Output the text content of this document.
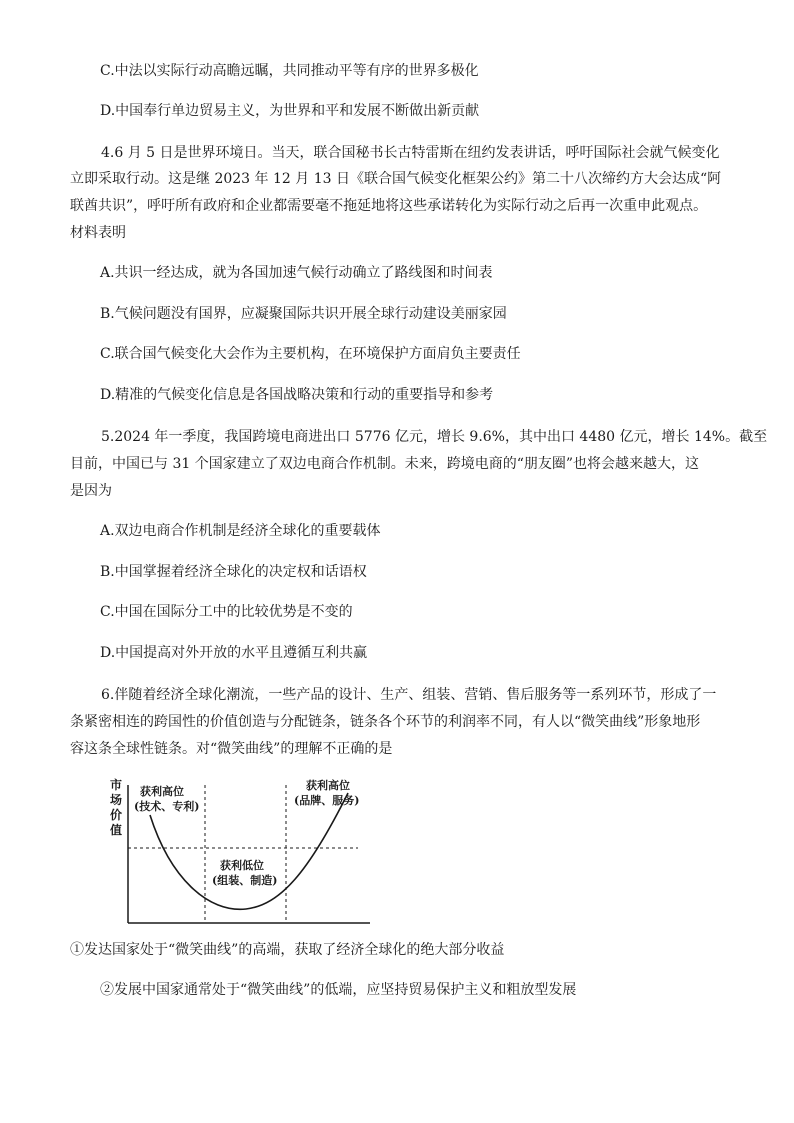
C.中法以实际行动高瞻远瞩，共同推动平等有序的世界多极化
D.中国奉行单边贸易主义，为世界和平和发展不断做出新贡献
4.6 月 5 日是世界环境日。当天，联合国秘书长古特雷斯在纽约发表讲话，呼吁国际社会就气候变化
立即采取行动。这是继 2023 年 12 月 13 日《联合国气候变化框架公约》第二十八次缔约方大会达成“阿
联酋共识”，呼吁所有政府和企业都需要毫不拖延地将这些承诺转化为实际行动之后再一次重申此观点。
材料表明
A.共识一经达成，就为各国加速气候行动确立了路线图和时间表
B.气候问题没有国界，应凝聚国际共识开展全球行动建设美丽家园
C.联合国气候变化大会作为主要机构，在环境保护方面肩负主要责任
D.精准的气候变化信息是各国战略决策和行动的重要指导和参考
5.2024 年一季度，我国跨境电商进出口 5776 亿元，增长 9.6%，其中出口 4480 亿元，增长 14%。截至
目前，中国已与 31 个国家建立了双边电商合作机制。未来，跨境电商的“朋友圈”也将会越来越大，这
是因为
A.双边电商合作机制是经济全球化的重要载体
B.中国掌握着经济全球化的决定权和话语权
C.中国在国际分工中的比较优势是不变的
D.中国提高对外开放的水平且遵循互利共赢
6.伴随着经济全球化潮流，一些产品的设计、生产、组装、营销、售后服务等一系列环节，形成了一
条紧密相连的跨国性的价值创造与分配链条，链条各个环节的利润率不同，有人以“微笑曲线”形象地形
容这条全球性链条。对“微笑曲线”的理解不正确的是
市
场
价
值
获利高位
(技术、专利)
获利高位
(品牌、服务)
获利低位
(组装、制造)
①发达国家处于“微笑曲线”的高端，获取了经济全球化的绝大部分收益
②发展中国家通常处于“微笑曲线”的低端，应坚持贸易保护主义和粗放型发展
